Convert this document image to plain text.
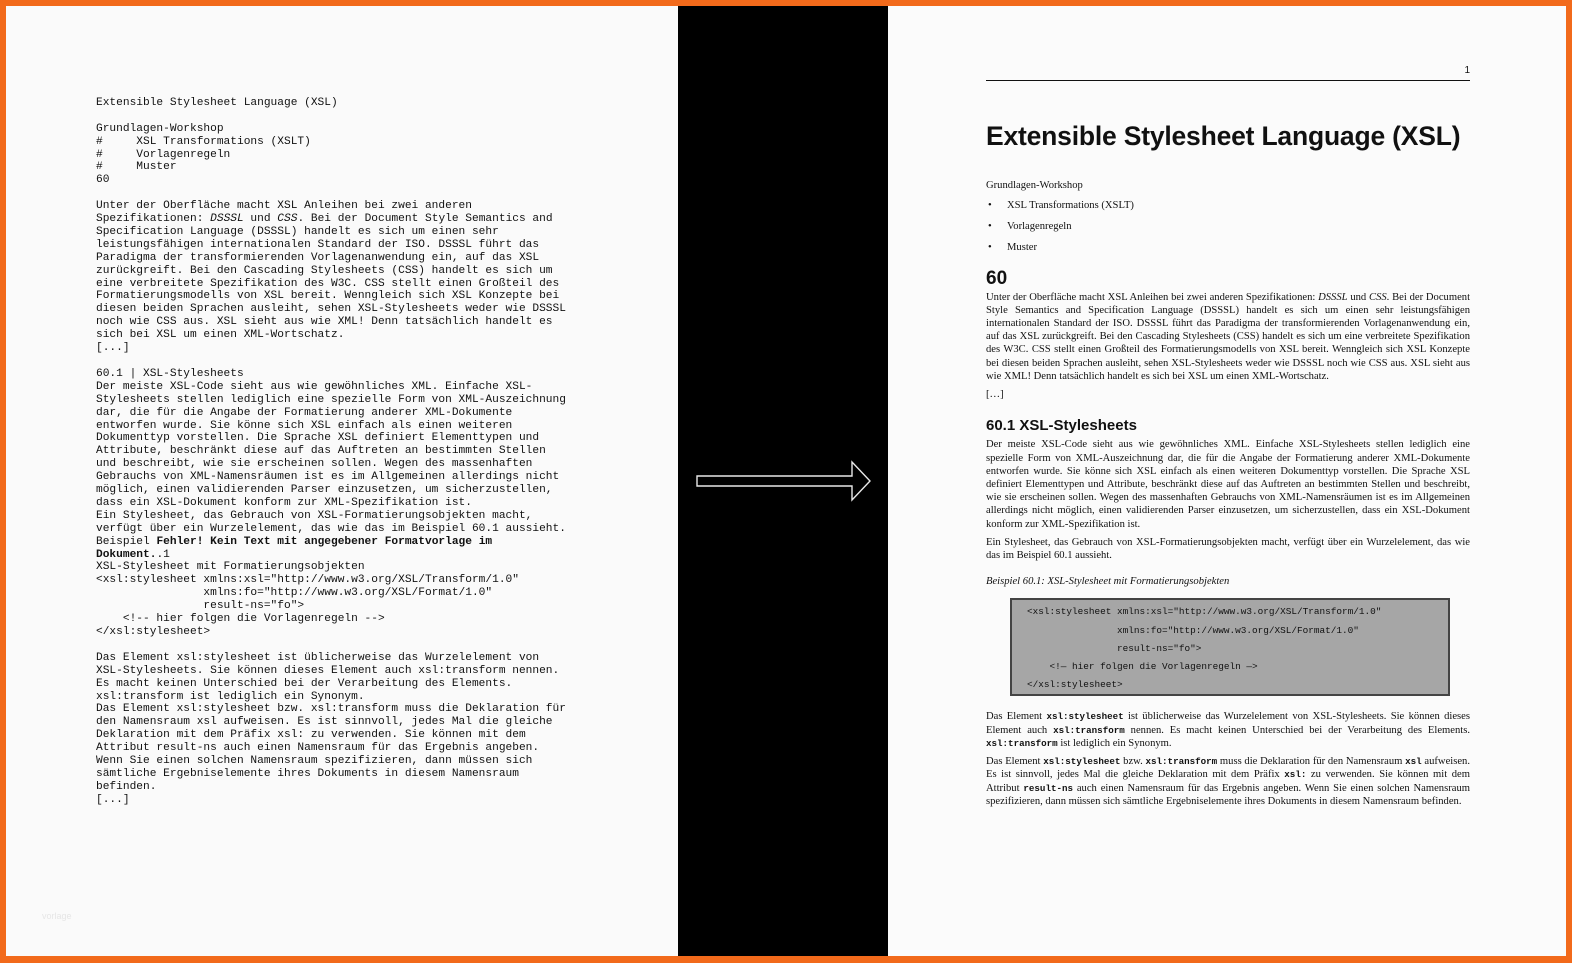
Extensible Stylesheet Language (XSL)
Grundlagen-Workshop
#     XSL Transformations (XSLT)
#     Vorlagenregeln
#     Muster
60
Unter der Oberfläche macht XSL Anleihen bei zwei anderen
Spezifikationen: DSSSL und CSS. Bei der Document Style Semantics and
Specification Language (DSSSL) handelt es sich um einen sehr
leistungsfähigen internationalen Standard der ISO. DSSSL führt das
Paradigma der transformierenden Vorlagenanwendung ein, auf das XSL
zurückgreift. Bei den Cascading Stylesheets (CSS) handelt es sich um
eine verbreitete Spezifikation des W3C. CSS stellt einen Großteil des
Formatierungsmodells von XSL bereit. Wenngleich sich XSL Konzepte bei
diesen beiden Sprachen ausleiht, sehen XSL-Stylesheets weder wie DSSSL
noch wie CSS aus. XSL sieht aus wie XML! Denn tatsächlich handelt es
sich bei XSL um einen XML-Wortschatz.
[...]
60.1 | XSL-Stylesheets
Der meiste XSL-Code sieht aus wie gewöhnliches XML. Einfache XSL-
Stylesheets stellen lediglich eine spezielle Form von XML-Auszeichnung
dar, die für die Angabe der Formatierung anderer XML-Dokumente
entworfen wurde. Sie könne sich XSL einfach als einen weiteren
Dokumenttyp vorstellen. Die Sprache XSL definiert Elementtypen und
Attribute, beschränkt diese auf das Auftreten an bestimmten Stellen
und beschreibt, wie sie erscheinen sollen. Wegen des massenhaften
Gebrauchs von XML-Namensräumen ist es im Allgemeinen allerdings nicht
möglich, einen validierenden Parser einzusetzen, um sicherzustellen,
dass ein XSL-Dokument konform zur XML-Spezifikation ist.
Ein Stylesheet, das Gebrauch von XSL-Formatierungsobjekten macht,
verfügt über ein Wurzelelement, das wie das im Beispiel 60.1 aussieht.
Beispiel Fehler! Kein Text mit angegebener Formatvorlage im
Dokument..1
XSL-Stylesheet mit Formatierungsobjekten
<xsl:stylesheet xmlns:xsl="http://www.w3.org/XSL/Transform/1.0"
xmlns:fo="http://www.w3.org/XSL/Format/1.0"
result-ns="fo">
<!-- hier folgen die Vorlagenregeln -->
</xsl:stylesheet>
Das Element xsl:stylesheet ist üblicherweise das Wurzelelement von
XSL-Stylesheets. Sie können dieses Element auch xsl:transform nennen.
Es macht keinen Unterschied bei der Verarbeitung des Elements.
xsl:transform ist lediglich ein Synonym.
Das Element xsl:stylesheet bzw. xsl:transform muss die Deklaration für
den Namensraum xsl aufweisen. Es ist sinnvoll, jedes Mal die gleiche
Deklaration mit dem Präfix xsl: zu verwenden. Sie können mit dem
Attribut result-ns auch einen Namensraum für das Ergebnis angeben.
Wenn Sie einen solchen Namensraum spezifizieren, dann müssen sich
sämtliche Ergebniselemente ihres Dokuments in diesem Namensraum
befinden.
[...]

vorlage
1
Extensible Stylesheet Language (XSL)

Grundlagen-Workshop

• XSL Transformations (XSLT)
• Vorlagenregeln
• Muster
60

Unter der Oberfläche macht XSL Anleihen bei zwei anderen Spezifikationen: DSSSL und CSS. Bei der Document Style Semantics and Specification Language (DSSSL) handelt es sich um einen sehr leistungsfähigen internationalen Standard der ISO. DSSSL führt das Paradigma der transformierenden Vorlagenanwendung ein, auf das XSL zurückgreift. Bei den Cascading Stylesheets (CSS) handelt es sich um eine verbreitete Spezifikation des W3C. CSS stellt einen Großteil des Formatierungsmodells von XSL bereit. Wenngleich sich XSL Konzepte bei diesen beiden Sprachen ausleiht, sehen XSL-Stylesheets weder wie DSSSL noch wie CSS aus. XSL sieht aus wie XML! Denn tatsächlich handelt es sich bei XSL um einen XML-Wortschatz.

[…]

60.1 XSL-Stylesheets

Der meiste XSL-Code sieht aus wie gewöhnliches XML. Einfache XSL-Stylesheets stellen lediglich eine spezielle Form von XML-Auszeichnung dar, die für die Angabe der Formatierung anderer XML-Dokumente entworfen wurde. Sie könne sich XSL einfach als einen weiteren Dokumenttyp vorstellen. Die Sprache XSL definiert Elementtypen und Attribute, beschränkt diese auf das Auftreten an bestimmten Stellen und beschreibt, wie sie erscheinen sollen. Wegen des massenhaften Gebrauchs von XML-Namensräumen ist es im Allgemeinen allerdings nicht möglich, einen validierenden Parser einzusetzen, um sicherzustellen, dass ein XSL-Dokument konform zur XML-Spezifikation ist.

Ein Stylesheet, das Gebrauch von XSL-Formatierungsobjekten macht, verfügt über ein Wurzelelement, das wie das im Beispiel 60.1 aussieht.

Beispiel 60.1: XSL-Stylesheet mit Formatierungsobjekten

<xsl:stylesheet xmlns:xsl="http://www.w3.org/XSL/Transform/1.0"
xmlns:fo="http://www.w3.org/XSL/Format/1.0"
result-ns="fo">
<!— hier folgen die Vorlagenregeln —>
</xsl:stylesheet>

Das Element xsl:stylesheet ist üblicherweise das Wurzelelement von XSL-Stylesheets. Sie können dieses Element auch xsl:transform nennen. Es macht keinen Unterschied bei der Verarbeitung des Elements. xsl:transform ist lediglich ein Synonym.

Das Element xsl:stylesheet bzw. xsl:transform muss die Deklaration für den Namensraum xsl aufweisen. Es ist sinnvoll, jedes Mal die gleiche Deklaration mit dem Präfix xsl: zu verwenden. Sie können mit dem Attribut result-ns auch einen Namensraum für das Ergebnis angeben. Wenn Sie einen solchen Namensraum spezifizieren, dann müssen sich sämtliche Ergebniselemente ihres Dokuments in diesem Namensraum befinden.
